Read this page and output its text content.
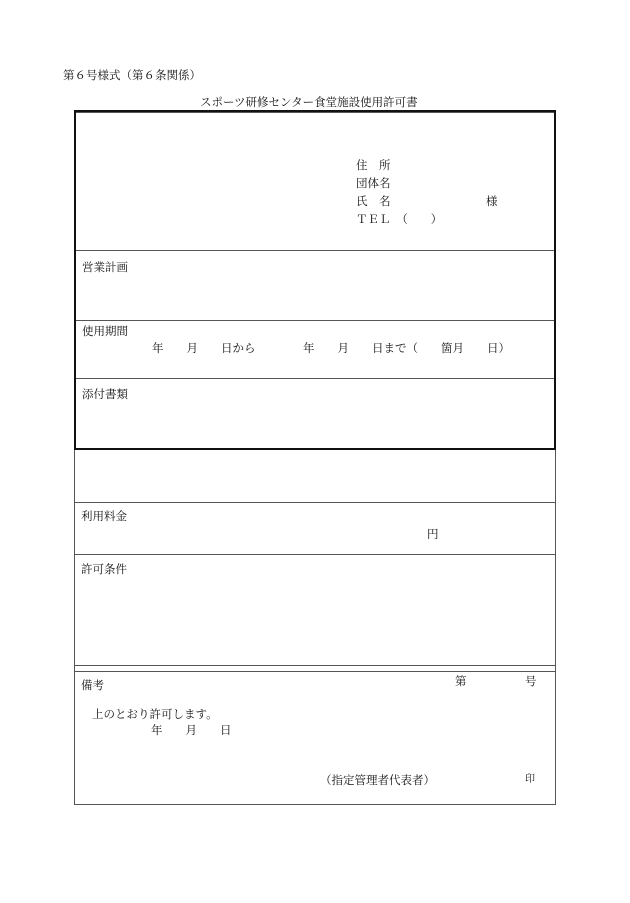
第６号様式（第６条関係）
スポーツ研修センター食堂施設使用許可書
利用料金
円
許可条件
備考	第	号
上のとおり許可します。
年　　月　　日
（指定管理者代表者）	印
住　所
団体名
氏　名	様
ＴＥＬ　（　　）
営業計画
使用期間
年　　月　　日から	年　　月　　日まで（　　箇月　　日）
添付書類
